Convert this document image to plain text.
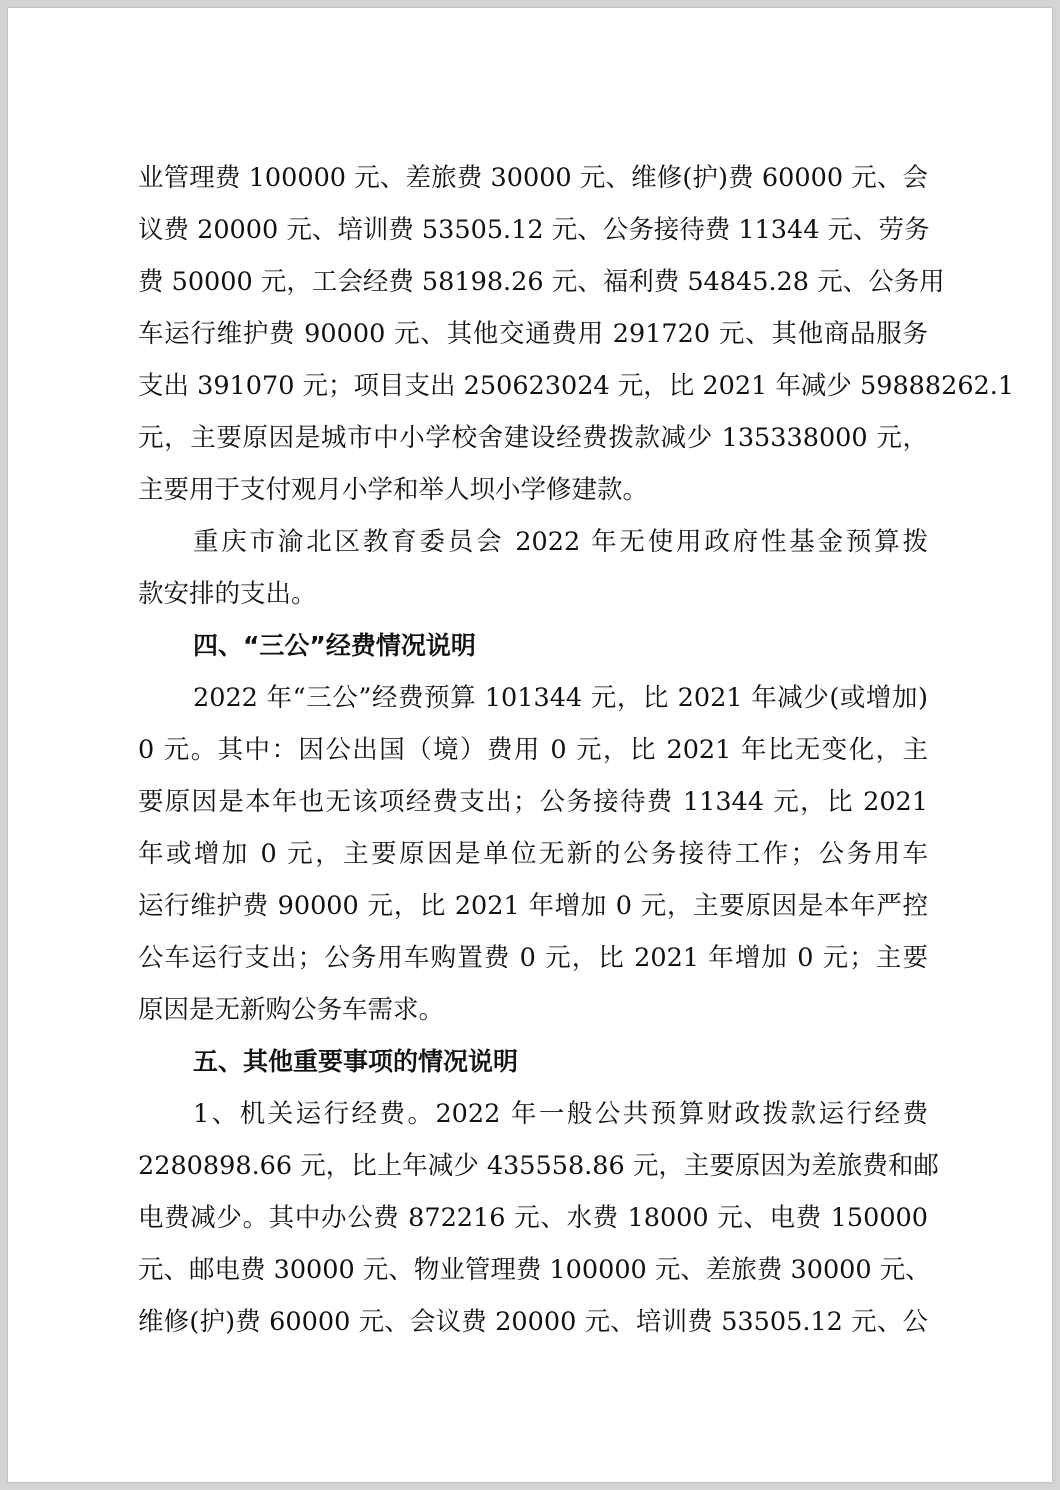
业管理费 100000 元、差旅费 30000 元、维修(护)费 60000 元、会
议费 20000 元、培训费 53505.12 元、公务接待费 11344 元、劳务
费 50000 元，工会经费 58198.26 元、福利费 54845.28 元、公务用
车运行维护费 90000 元、其他交通费用 291720 元、其他商品服务
支出 391070 元；项目支出 250623024 元，比 2021 年减少 59888262.1
元，主要原因是城市中小学校舍建设经费拨款减少 135338000 元，
主要用于支付观月小学和举人坝小学修建款。
重庆市渝北区教育委员会 2022 年无使用政府性基金预算拨
款安排的支出。
四、“三公”经费情况说明
2022 年“三公”经费预算 101344 元，比 2021 年减少(或增加)
0 元。其中：因公出国（境）费用 0 元，比 2021 年比无变化，主
要原因是本年也无该项经费支出；公务接待费 11344 元，比 2021
年或增加 0 元，主要原因是单位无新的公务接待工作；公务用车
运行维护费 90000 元，比 2021 年增加 0 元，主要原因是本年严控
公车运行支出；公务用车购置费 0 元，比 2021 年增加 0 元；主要
原因是无新购公务车需求。
五、其他重要事项的情况说明
1、机关运行经费。2022 年一般公共预算财政拨款运行经费
2280898.66 元，比上年减少 435558.86 元，主要原因为差旅费和邮
电费减少。其中办公费 872216 元、水费 18000 元、电费 150000
元、邮电费 30000 元、物业管理费 100000 元、差旅费 30000 元、
维修(护)费 60000 元、会议费 20000 元、培训费 53505.12 元、公
